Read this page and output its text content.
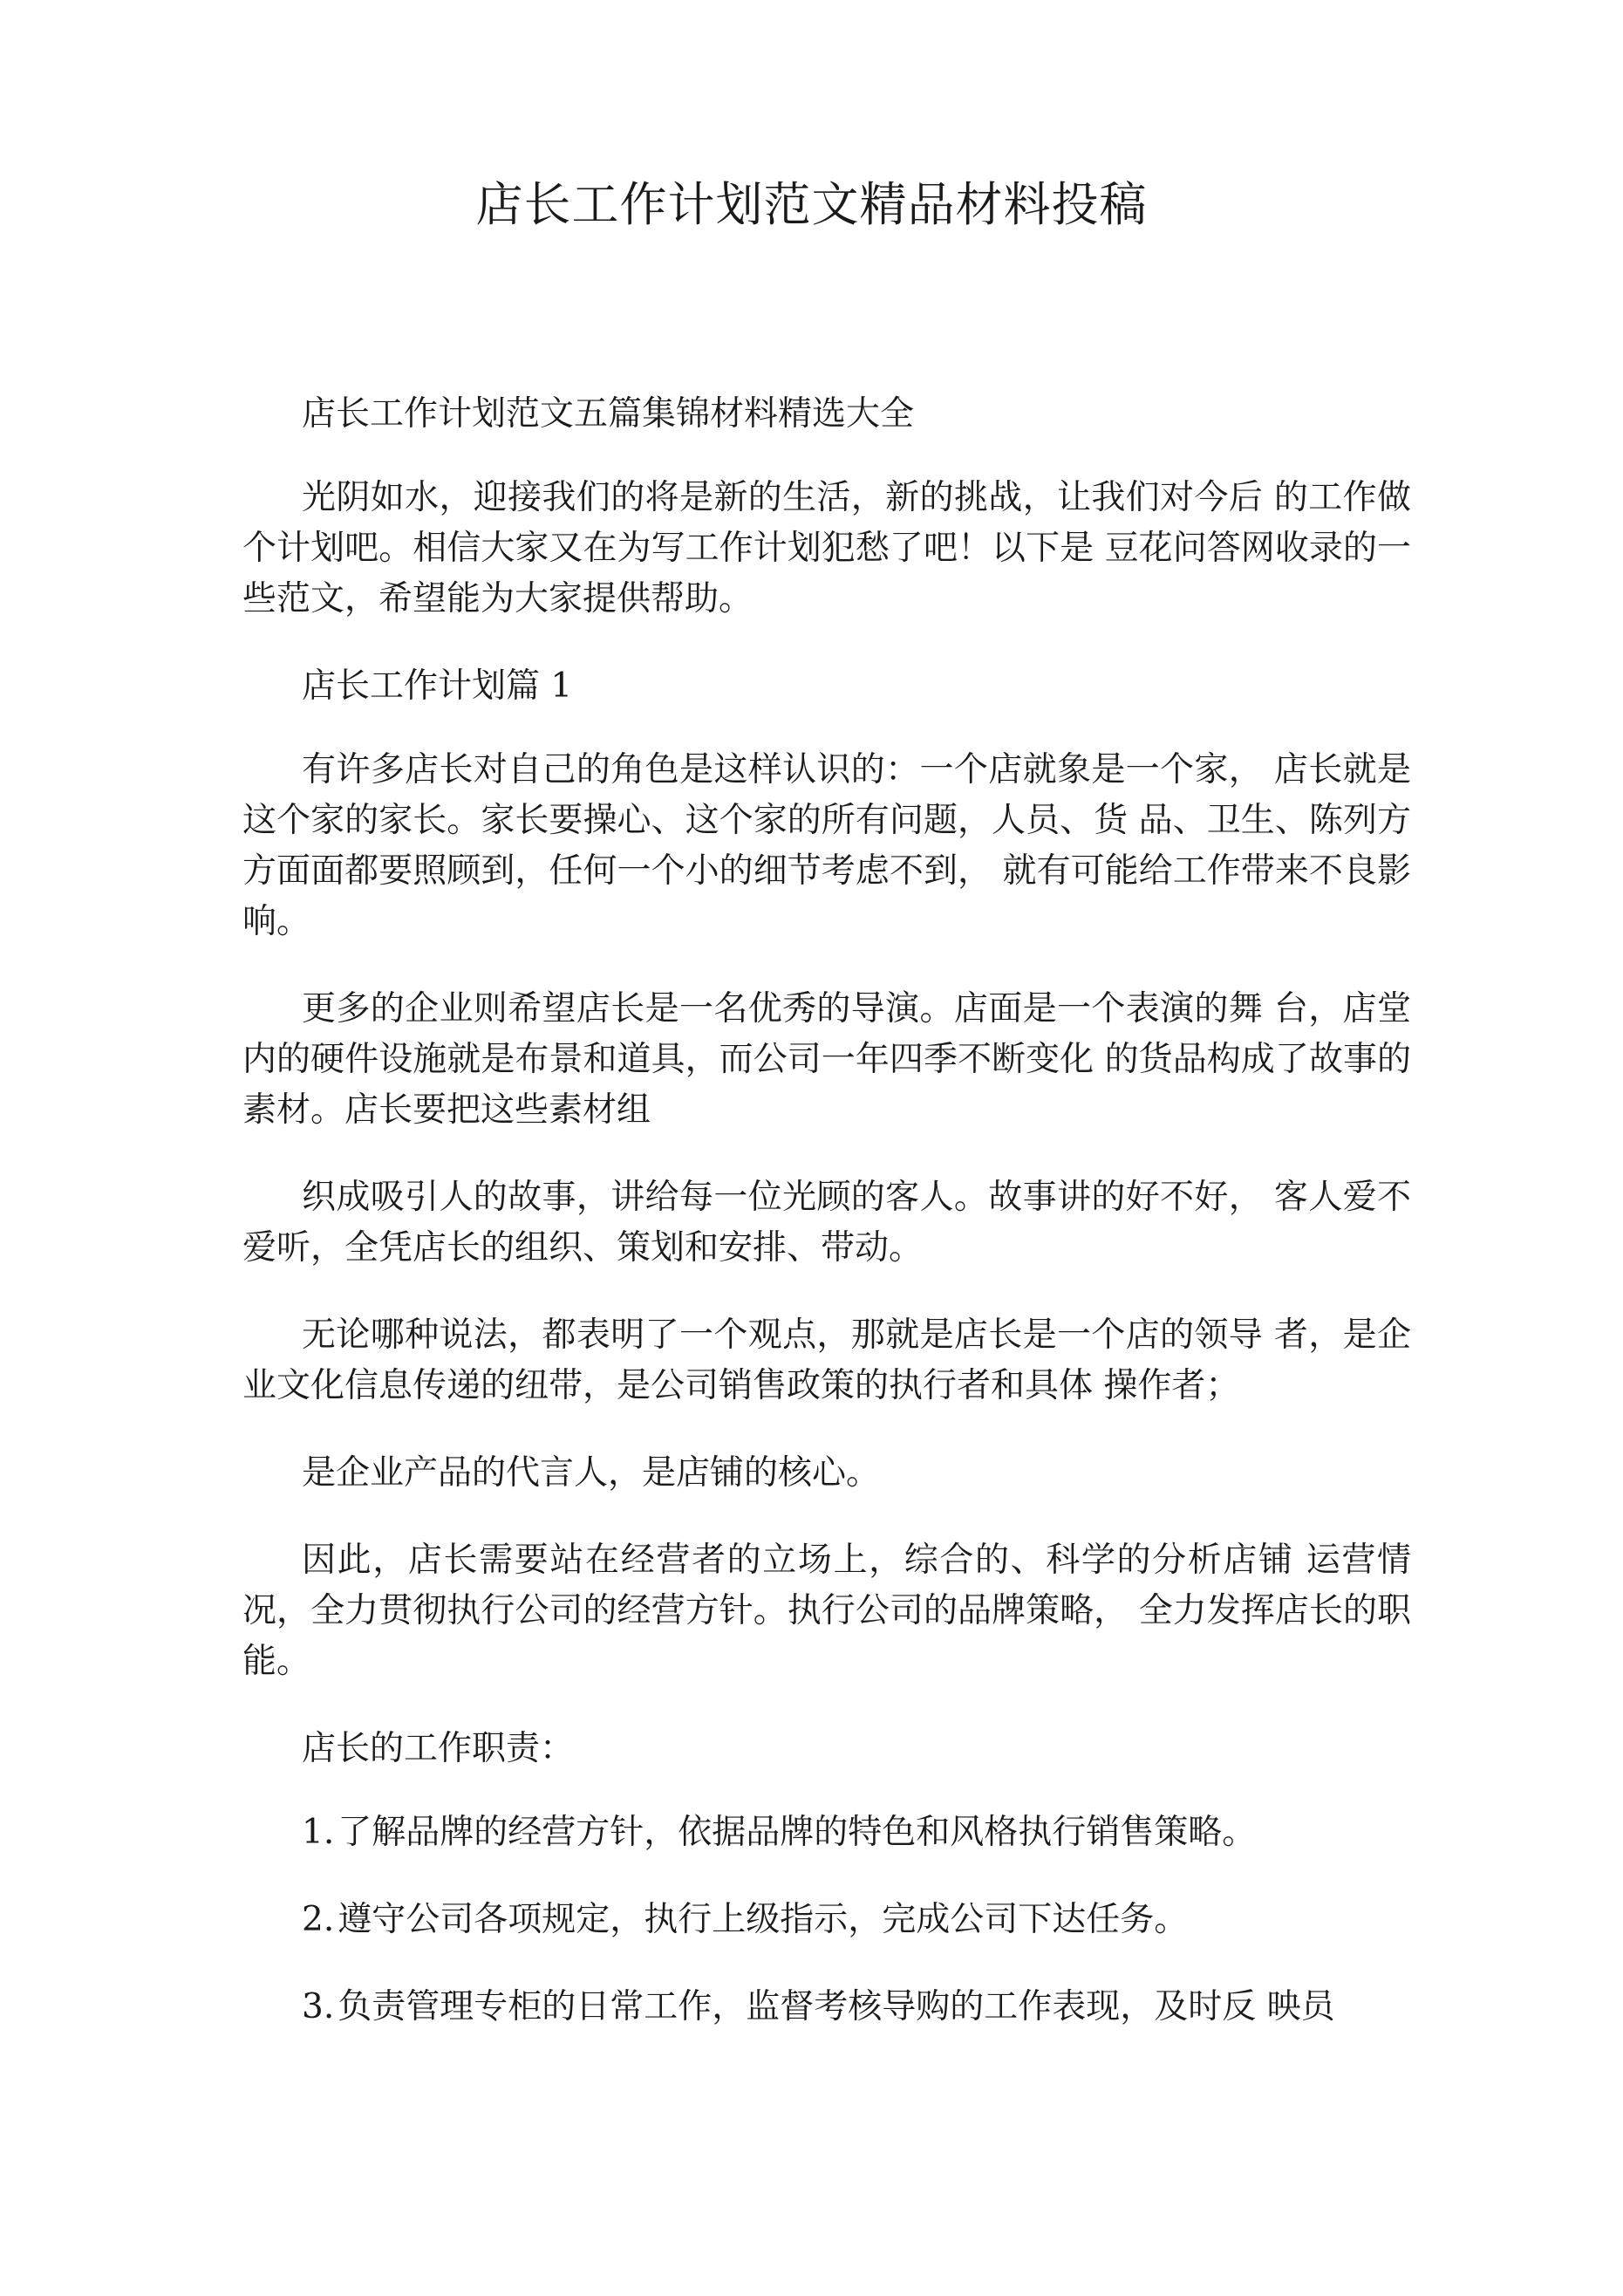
店长工作计划范文精品材料投稿

店长工作计划范文五篇集锦材料精选大全

光阴如水，迎接我们的将是新的生活，新的挑战，让我们对今后 的工作做个计划吧。相信大家又在为写工作计划犯愁了吧！以下是 豆花问答网收录的一些范文，希望能为大家提供帮助。

店长工作计划篇 1

有许多店长对自己的角色是这样认识的：一个店就象是一个家， 店长就是这个家的家长。家长要操心、这个家的所有问题，人员、货 品、卫生、陈列方方面面都要照顾到，任何一个小的细节考虑不到， 就有可能给工作带来不良影响。

更多的企业则希望店长是一名优秀的导演。店面是一个表演的舞 台，店堂内的硬件设施就是布景和道具，而公司一年四季不断变化 的货品构成了故事的素材。店长要把这些素材组

织成吸引人的故事，讲给每一位光顾的客人。故事讲的好不好， 客人爱不爱听，全凭店长的组织、策划和安排、带动。

无论哪种说法，都表明了一个观点，那就是店长是一个店的领导 者，是企业文化信息传递的纽带，是公司销售政策的执行者和具体 操作者；

是企业产品的代言人，是店铺的核心。

因此，店长需要站在经营者的立场上，综合的、科学的分析店铺 运营情况，全力贯彻执行公司的经营方针。执行公司的品牌策略， 全力发挥店长的职能。

店长的工作职责：

1. 了解品牌的经营方针，依据品牌的特色和风格执行销售策略。
2. 遵守公司各项规定，执行上级指示，完成公司下达任务。
3. 负责管理专柜的日常工作，监督考核导购的工作表现，及时反 映员
